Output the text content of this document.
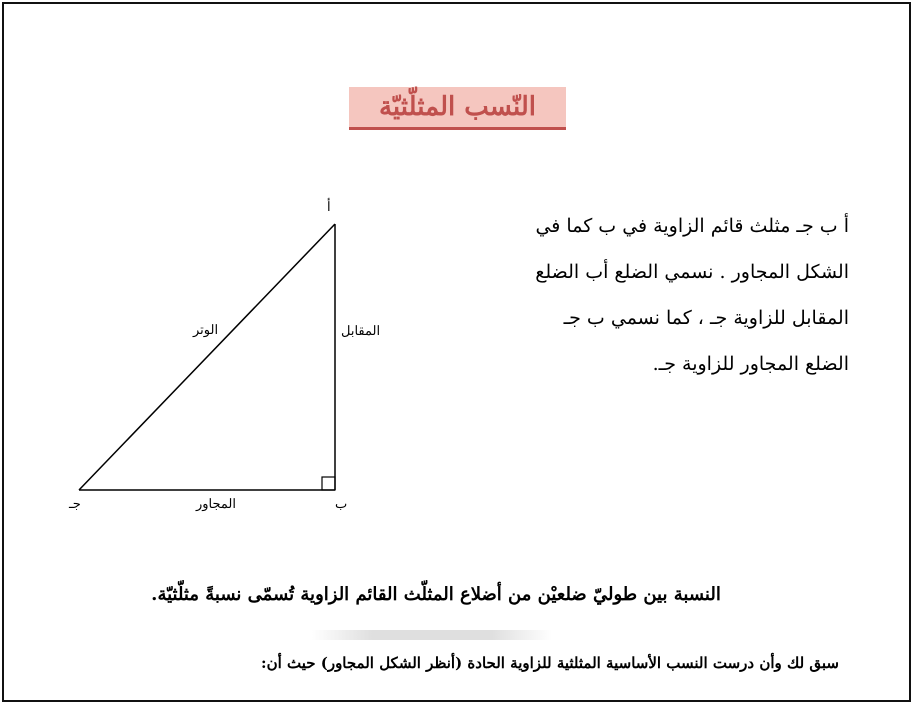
النّسب المثلّثيّة

أ ب جـ مثلث قائم الزاوية في ب كما في

الشكل المجاور . نسمي الضلع أب الضلع

المقابل للزاوية جـ ، كما نسمي ب جـ

الضلع المجاور للزاوية جـ.

أ
ب
جـ
الوتر	المقابل
المجاور
النسبة بين طوليّ ضلعيْن من أضلاع المثلّث القائم الزاوية تُسمّى نسبةً مثلّثيّة.
سبق لك وأن درست النسب الأساسية المثلثية للزاوية الحادة (أنظر الشكل المجاور) حيث أن:
